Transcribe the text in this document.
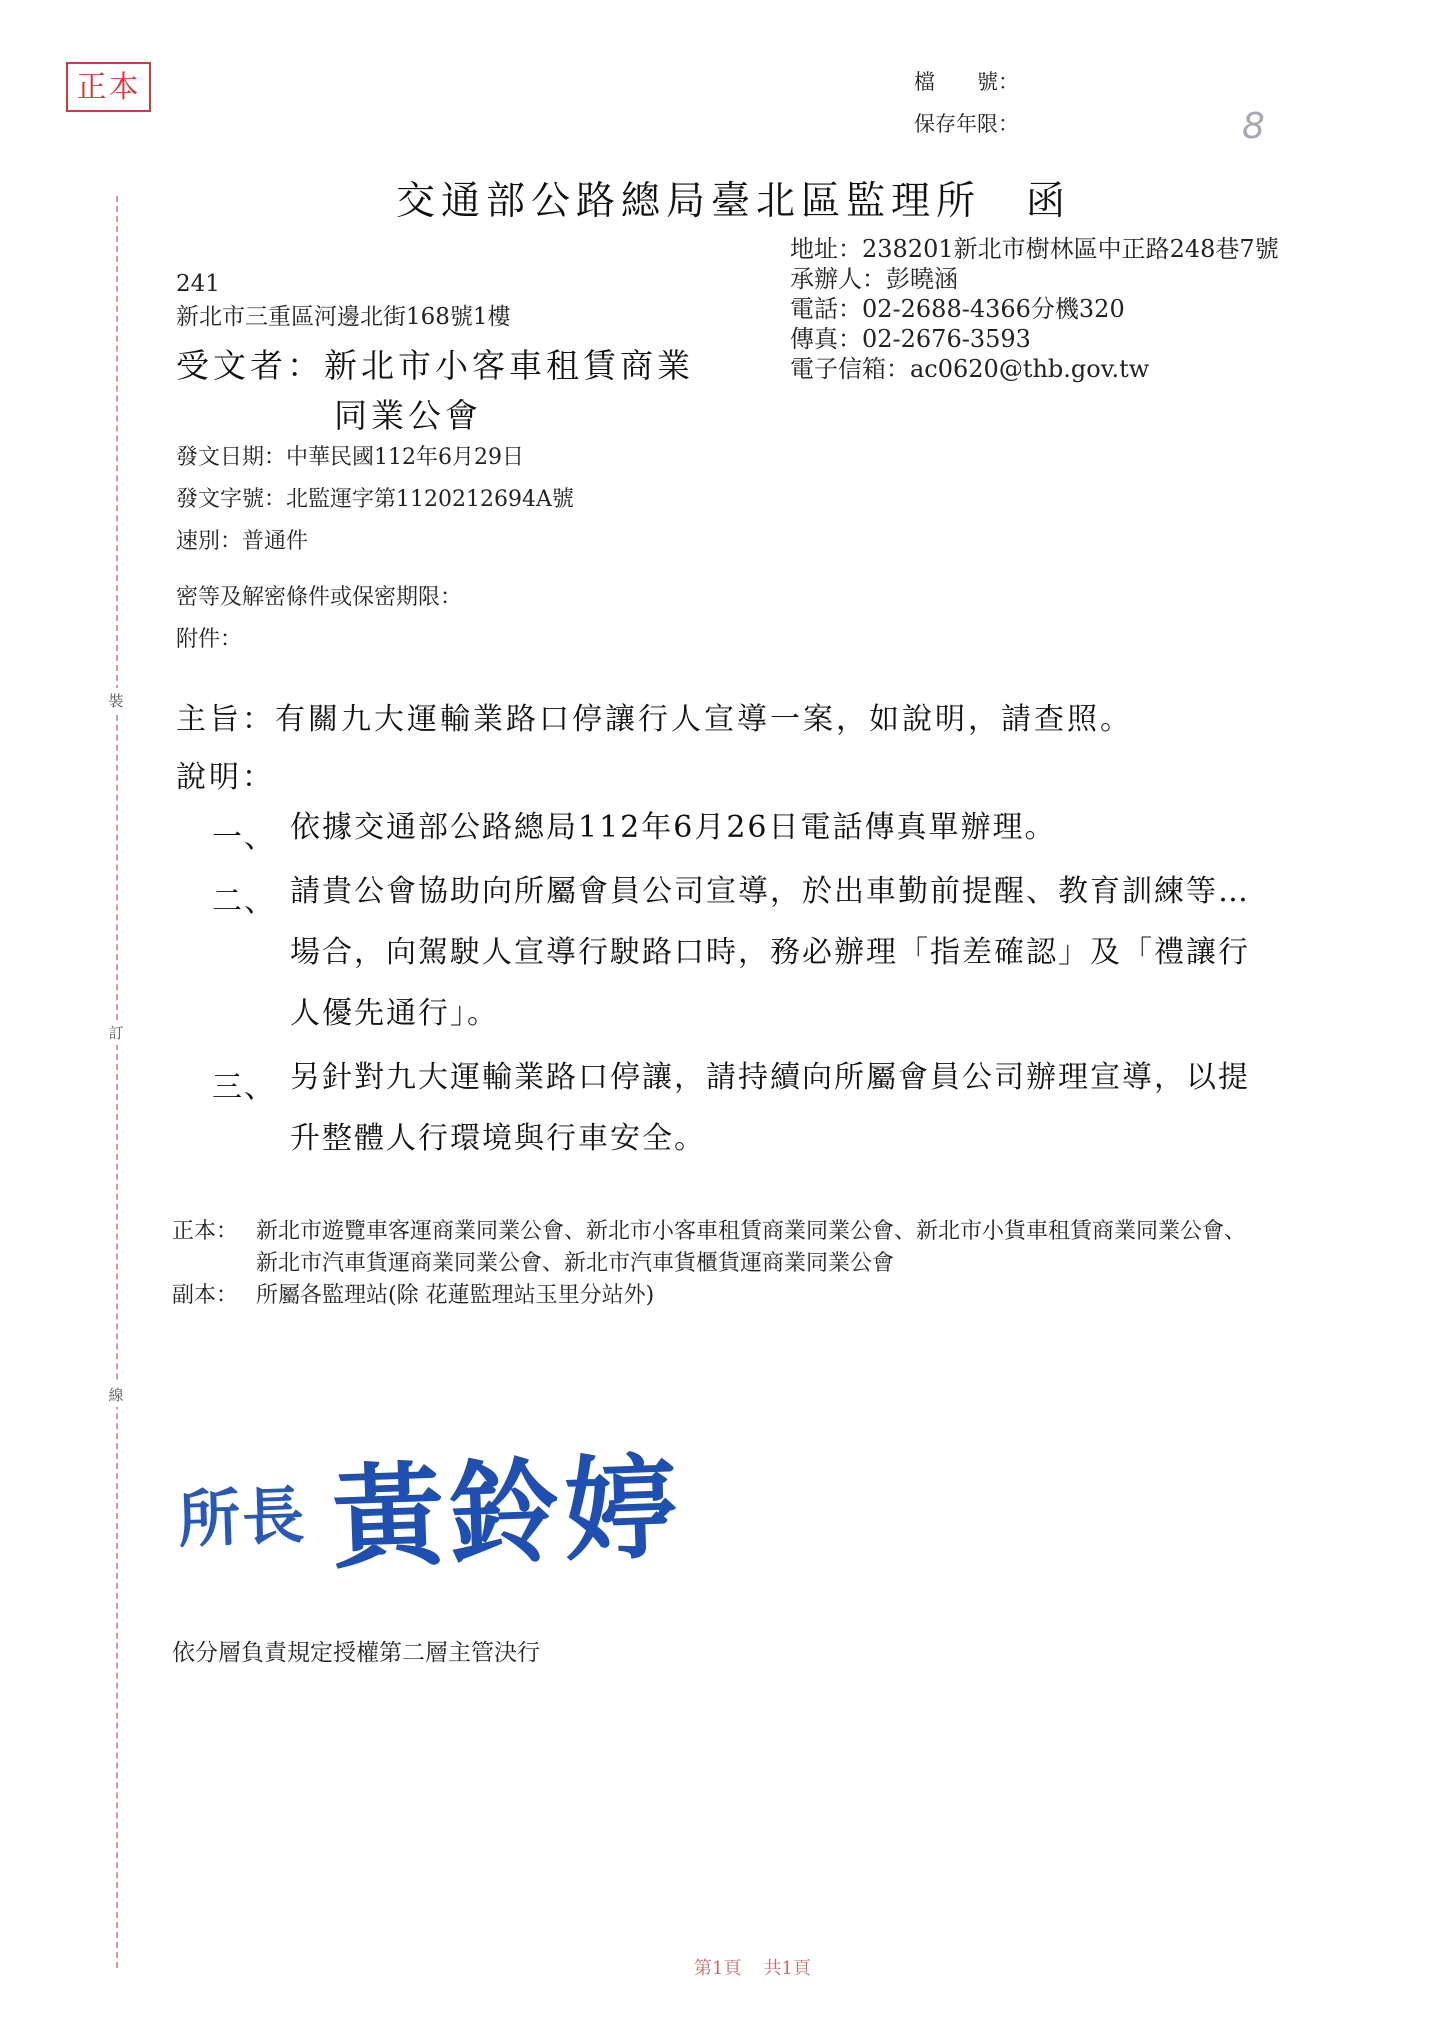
正本	檔　　號：
保存年限：	8
裝
訂
線
交通部公路總局臺北區監理所　函
地址：238201新北市樹林區中正路248巷7號
承辦人：彭曉涵
電話：02-2688-4366分機320
傳真：02-2676-3593
電子信箱：ac0620@thb.gov.tw
241
新北市三重區河邊北街168號1樓
受文者：新北市小客車租賃商業
同業公會
發文日期：中華民國112年6月29日
發文字號：北監運字第1120212694A號
速別：普通件
密等及解密條件或保密期限：
附件：
主旨：有關九大運輸業路口停讓行人宣導一案，如說明，請查照。
說明：
一、 依據交通部公路總局112年6月26日電話傳真單辦理。
二、 請貴公會協助向所屬會員公司宣導，於出車勤前提醒、教育訓練等…場合，向駕駛人宣導行駛路口時，務必辦理「指差確認」及「禮讓行人優先通行」。
三、 另針對九大運輸業路口停讓，請持續向所屬會員公司辦理宣導，以提升整體人行環境與行車安全。
正本： 新北市遊覽車客運商業同業公會、新北市小客車租賃商業同業公會、新北市小貨車租賃商業同業公會、新北市汽車貨運商業同業公會、新北市汽車貨櫃貨運商業同業公會
副本： 所屬各監理站(除 花蓮監理站玉里分站外)
所長 黃鈴婷
依分層負責規定授權第二層主管決行
第1頁 共1頁
